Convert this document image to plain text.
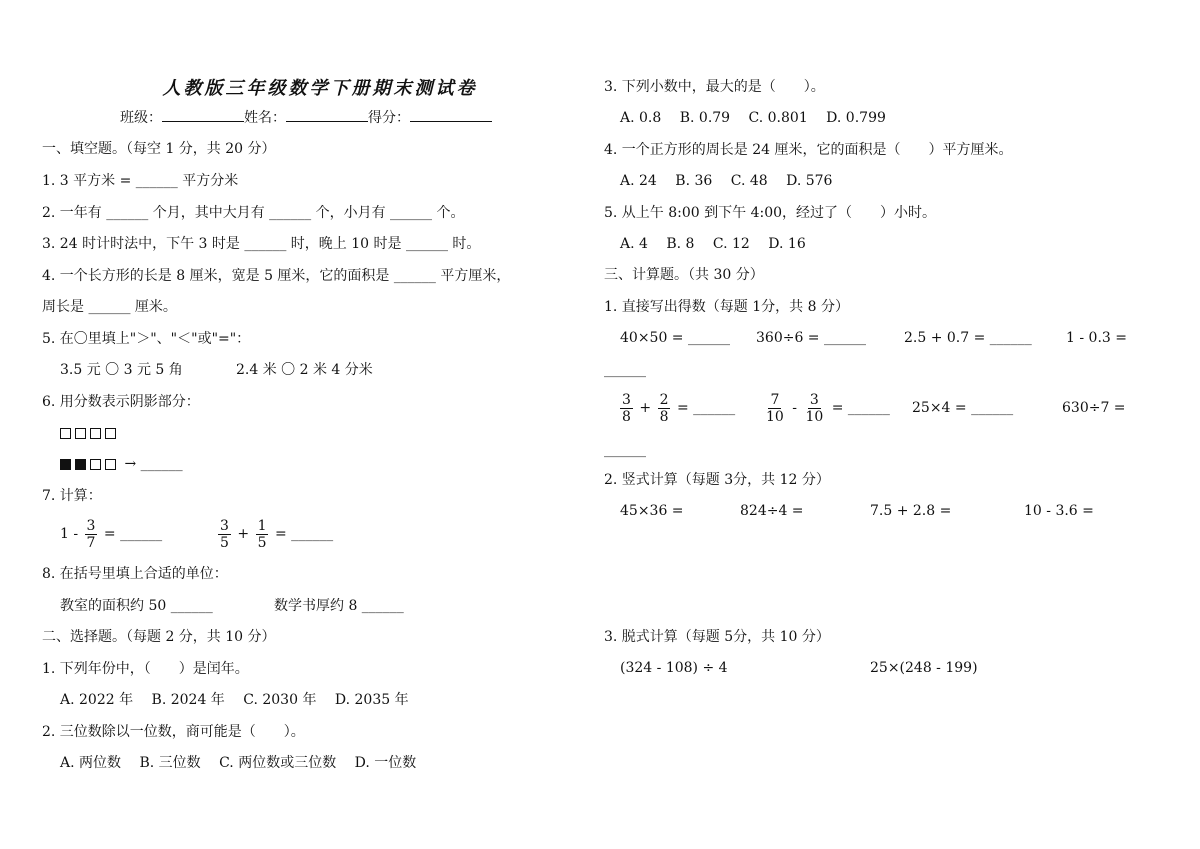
人教版三年级数学下册期末测试卷
班级：	姓名：	得分：
一、填空题。（每空 1 分，共 20 分）
1. 3 平方米 = ______ 平方分米
2. 一年有 ______ 个月，其中大月有 ______ 个，小月有 ______ 个。
3. 24 时计时法中，下午 3 时是 ______ 时，晚上 10 时是 ______ 时。
4. 一个长方形的长是 8 厘米，宽是 5 厘米，它的面积是 ______ 平方厘米，
周长是 ______ 厘米。
5. 在〇里填上"＞"、"＜"或"="：
3.5 元 〇 3 元 5 角	2.4 米 〇 2 米 4 分米
6. 用分数表示阴影部分：
→ ______
7. 计算：
$1 - \frac{3}{7}$ = ______	$\frac{3}{5} + \frac{1}{5}$ = ______
8. 在括号里填上合适的单位：
教室的面积约 50 ______	数学书厚约 8 ______
二、选择题。（每题 2 分，共 10 分）
1. 下列年份中，（　　）是闰年。
A. 2022 年　 B. 2024 年　 C. 2030 年　 D. 2035 年
2. 三位数除以一位数，商可能是（　　）。
A. 两位数　 B. 三位数　 C. 两位数或三位数　 D. 一位数
3. 下列小数中，最大的是（　　）。
A. 0.8　 B. 0.79　 C. 0.801　 D. 0.799
4. 一个正方形的周长是 24 厘米，它的面积是（　　）平方厘米。
A. 24　 B. 36　 C. 48　 D. 576
5. 从上午 8:00 到下午 4:00，经过了（　　）小时。
A. 4　 B. 8　 C. 12　 D. 16
三、计算题。（共 30 分）
1. 直接写出得数（每题 1分，共 8 分）
40×50 = ______ 360÷6 = ______	2.5 + 0.7 = ______ 1 - 0.3 =
______
$\frac{3}{8} + \frac{2}{8}$ = ______ $\frac{7}{10} - \frac{3}{10}$ = ______ 25×4 = ______	630÷7 =
______
2. 竖式计算（每题 3分，共 12 分）
45×36 =	824÷4 =	7.5 + 2.8 =	10 - 3.6 =
3. 脱式计算（每题 5分，共 10 分）
(324 - 108) ÷ 4	25×(248 - 199)
